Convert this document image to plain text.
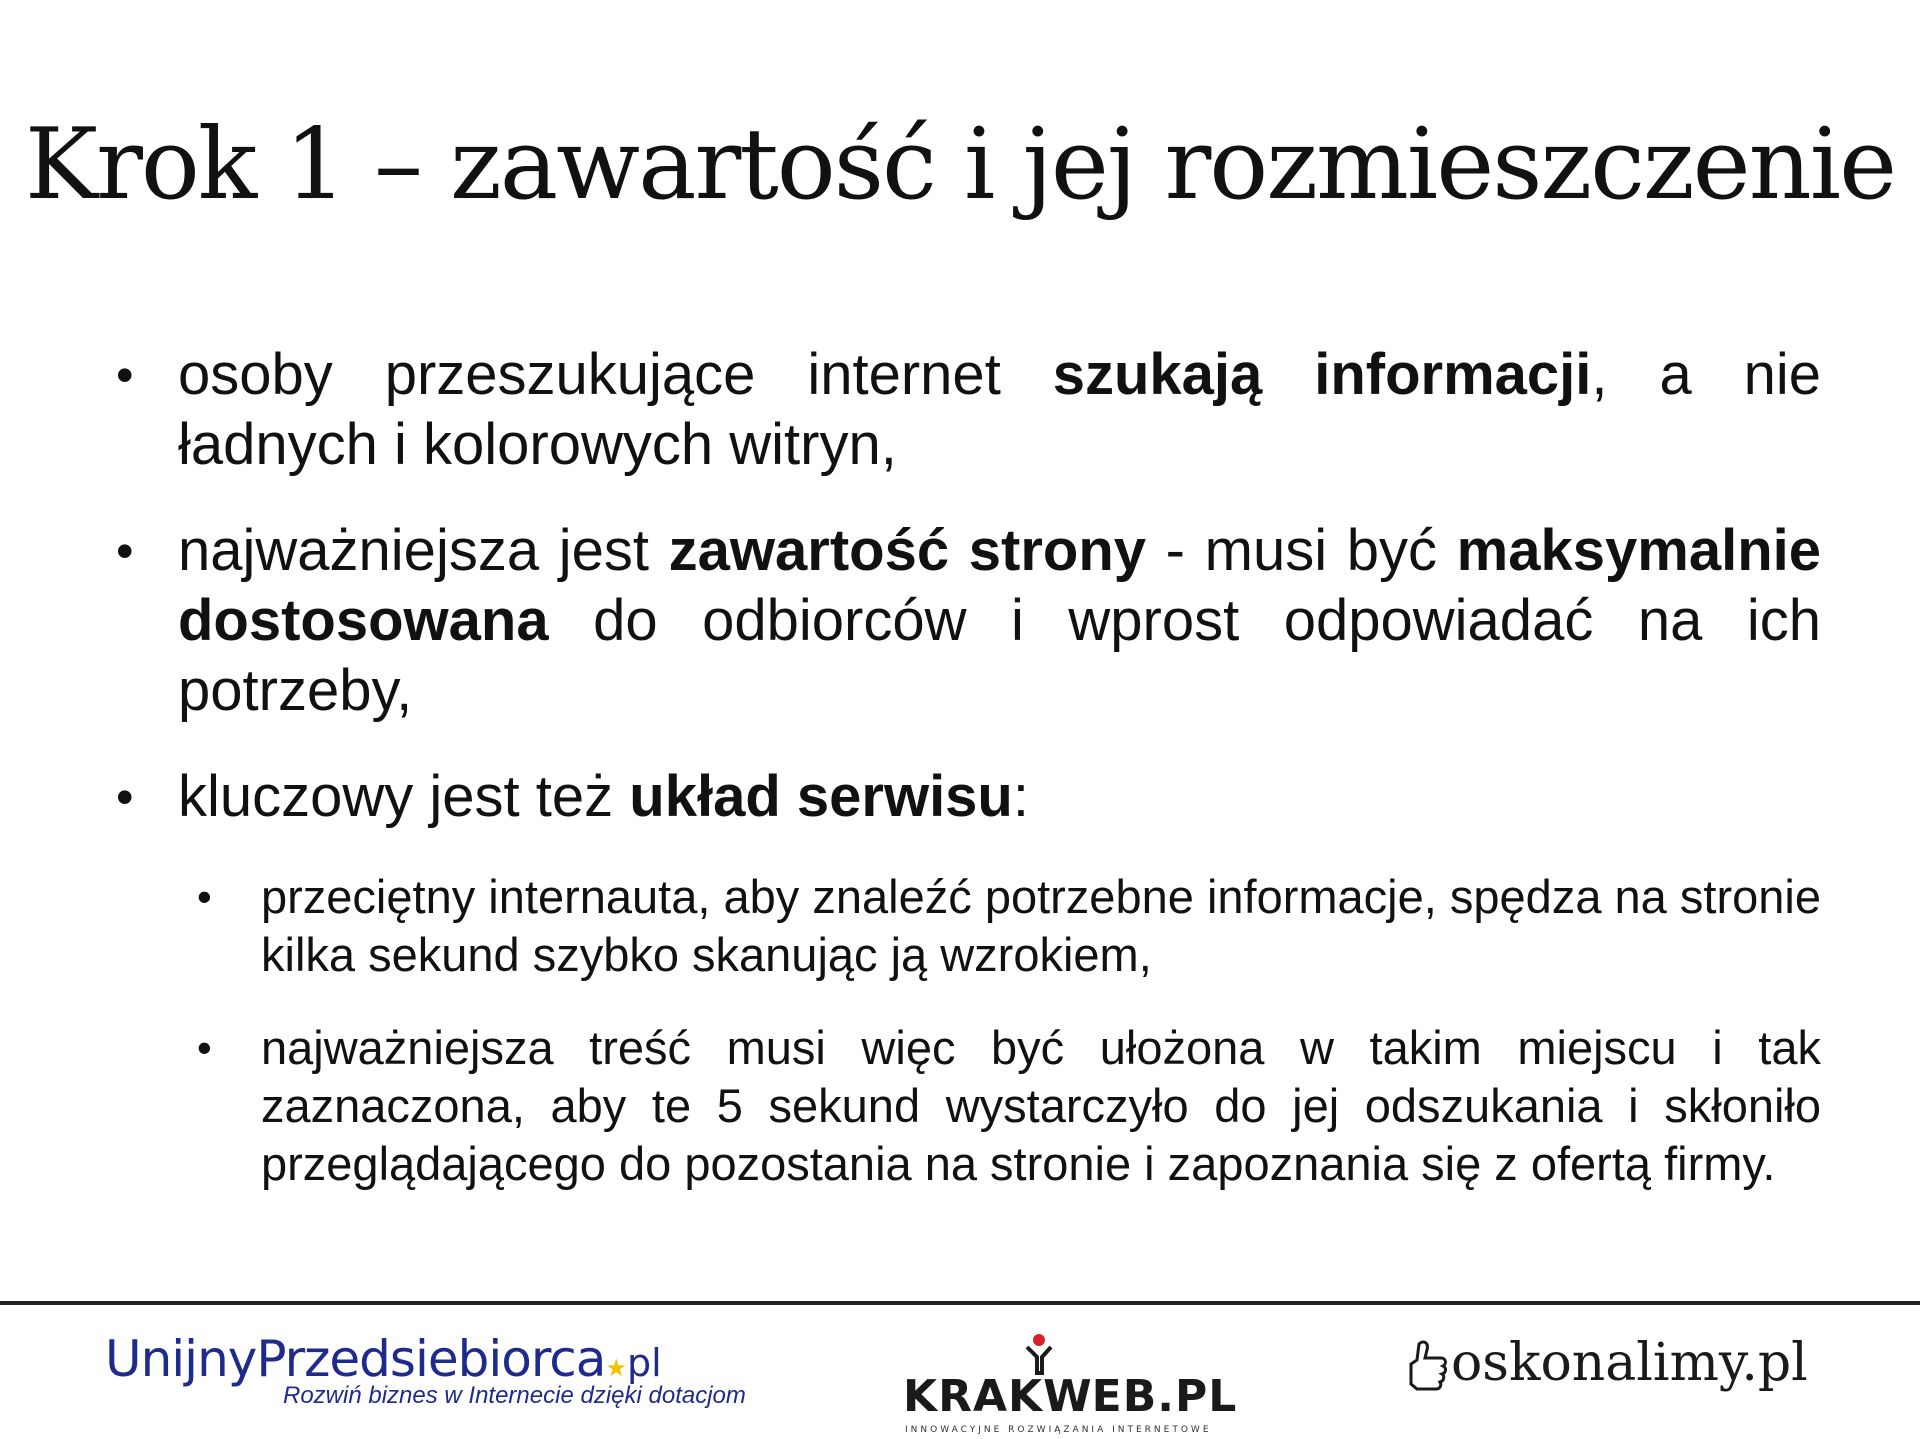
Krok 1 – zawartość i jej rozmieszczenie
• osoby przeszukujące internet szukają informacji, a nie ładnych i kolorowych witryn,
• najważniejsza jest zawartość strony - musi być maksymalnie dostosowana do odbiorców i wprost odpowiadać na ich potrzeby,
• kluczowy jest też układ serwisu:
• przeciętny internauta, aby znaleźć potrzebne informacje, spędza na stronie kilka sekund szybko skanując ją wzrokiem,
• najważniejsza treść musi więc być ułożona w takim miejscu i tak zaznaczona, aby te 5 sekund wystarczyło do jej odszukania i skłoniło przeglądającego do pozostania na stronie i zapoznania się z ofertą firmy.
UnijnyPrzedsiebiorca★pl
Rozwiń biznes w Internecie dzięki dotacjom	KRAKWEB.PL
INNOWACYJNE ROZWIĄZANIA INTERNETOWE
oskonalimy.pl
